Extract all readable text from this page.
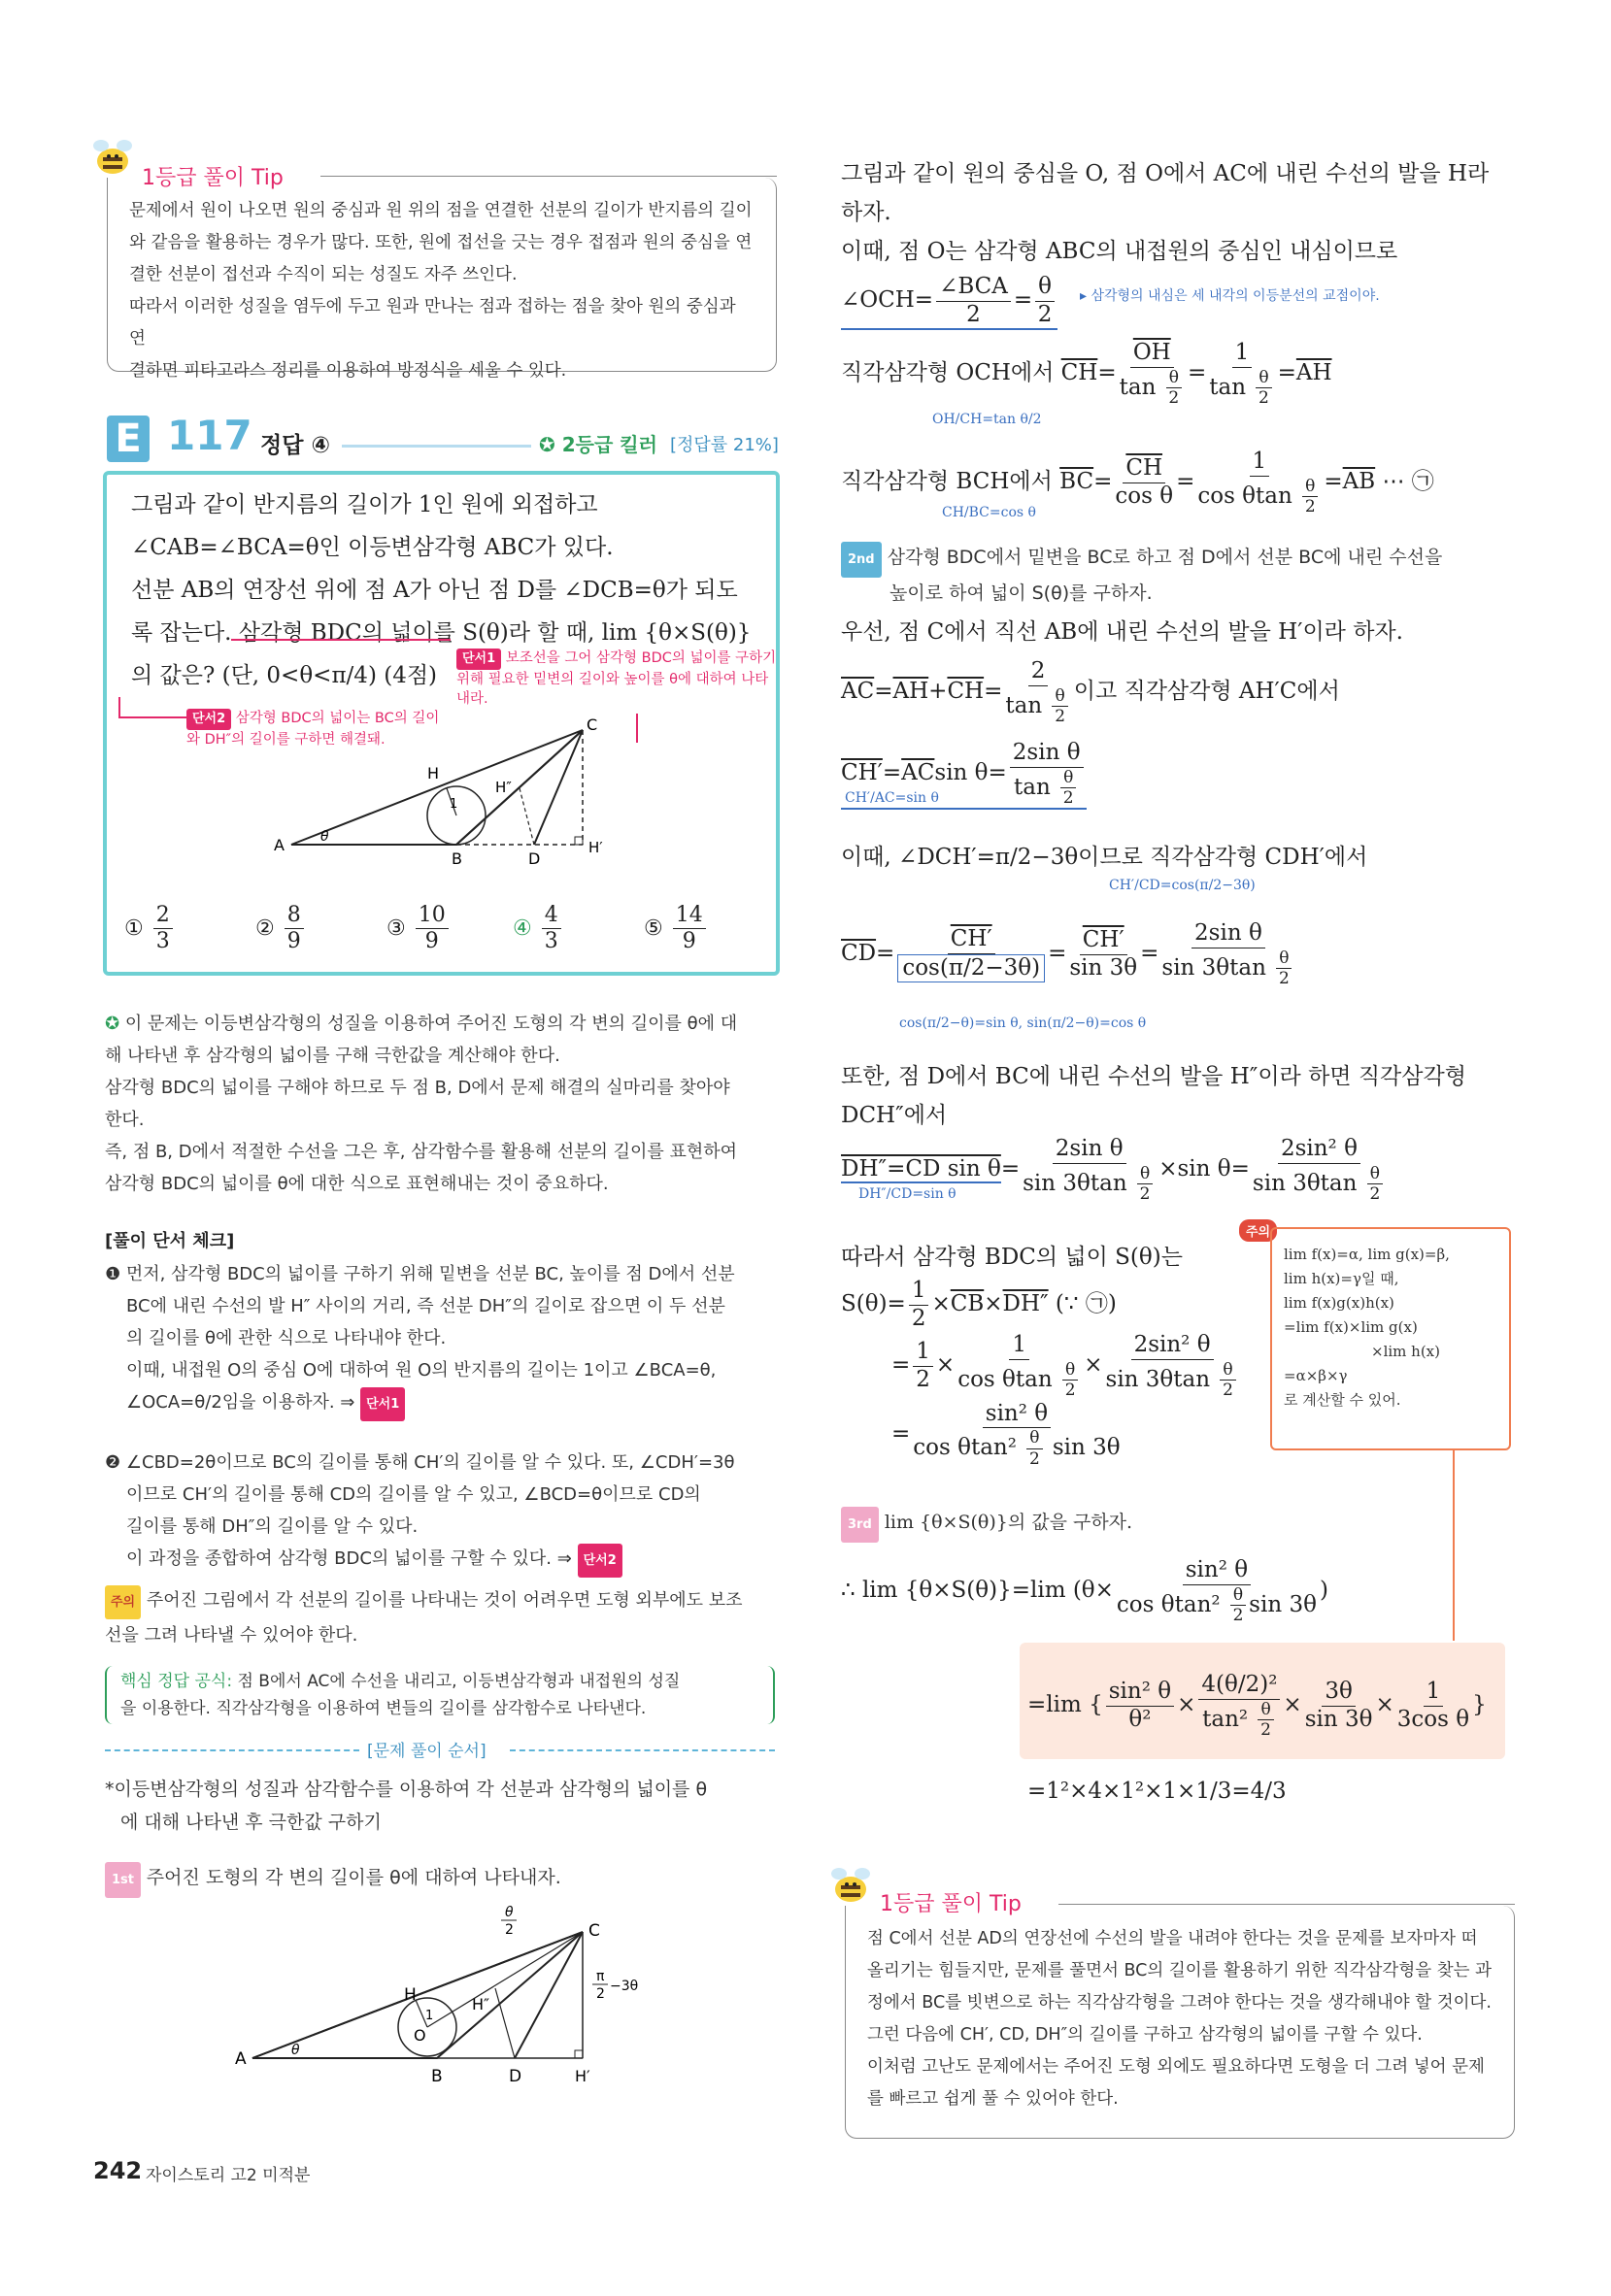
1등급 풀이 Tip
문제에서 원이 나오면 원의 중심과 원 위의 점을 연결한 선분의 길이가 반지름의 길이
와 같음을 활용하는 경우가 많다. 또한, 원에 접선을 긋는 경우 접점과 원의 중심을 연
결한 선분이 접선과 수직이 되는 성질도 자주 쓰인다.
따라서 이러한 성질을 염두에 두고 원과 만나는 점과 접하는 점을 찾아 원의 중심과 연
결하면 피타고라스 정리를 이용하여 방정식을 세울 수 있다.
E 117 정답 ④	✪ 2등급 킬러 [정답률 21%]
그림과 같이 반지름의 길이가 1인 원에 외접하고
∠CAB=∠BCA=θ인 이등변삼각형 ABC가 있다.
선분 AB의 연장선 위에 점 A가 아닌 점 D를 ∠DCB=θ가 되도
록 잡는다. 삼각형 BDC의 넓이를 S(θ)라 할 때, lim {θ×S(θ)}
의 값은? (단, 0<θ<π/4) (4점)
단서1 보조선을 그어 삼각형 BDC의 넓이를 구하기 위해 필요한 밑변의 길이와 높이를 θ에 대하여 나타내라.
단서2 삼각형 BDC의 넓이는 BC의 길이와 DH″의 길이를 구하면 해결돼.
A
B
C
D
H
H″
H′
θ
1
① $\frac{2}{3}$	② $\frac{8}{9}$	③ $\frac{10}{9}$	④ $\frac{4}{3}$	⑤ $\frac{14}{9}$
✪ 이 문제는 이등변삼각형의 성질을 이용하여 주어진 도형의 각 변의 길이를 θ에 대
해 나타낸 후 삼각형의 넓이를 구해 극한값을 계산해야 한다.
삼각형 BDC의 넓이를 구해야 하므로 두 점 B, D에서 문제 해결의 실마리를 찾아야
한다.
즉, 점 B, D에서 적절한 수선을 그은 후, 삼각함수를 활용해 선분의 길이를 표현하여
삼각형 BDC의 넓이를 θ에 대한 식으로 표현해내는 것이 중요하다.
[풀이 단서 체크]
❶ 먼저, 삼각형 BDC의 넓이를 구하기 위해 밑변을 선분 BC, 높이를 점 D에서 선분
BC에 내린 수선의 발 H″ 사이의 거리, 즉 선분 DH″의 길이로 잡으면 이 두 선분
의 길이를 θ에 관한 식으로 나타내야 한다.
이때, 내접원 O의 중심 O에 대하여 원 O의 반지름의 길이는 1이고 ∠BCA=θ,
∠OCA=θ/2임을 이용하자. ⇒ 단서1
❷ ∠CBD=2θ이므로 BC의 길이를 통해 CH′의 길이를 알 수 있다. 또, ∠CDH′=3θ
이므로 CH′의 길이를 통해 CD의 길이를 알 수 있고, ∠BCD=θ이므로 CD의
길이를 통해 DH″의 길이를 알 수 있다.
이 과정을 종합하여 삼각형 BDC의 넓이를 구할 수 있다. ⇒ 단서2
주의 주어진 그림에서 각 선분의 길이를 나타내는 것이 어려우면 도형 외부에도 보조
선을 그려 나타낼 수 있어야 한다.
핵심 정답 공식: 점 B에서 AC에 수선을 내리고, 이등변삼각형과 내접원의 성질
을 이용한다. 직각삼각형을 이용하여 변들의 길이를 삼각함수로 나타낸다.
[문제 풀이 순서]
*이등변삼각형의 성질과 삼각함수를 이용하여 각 선분과 삼각형의 넓이를 θ
에 대해 나타낸 후 극한값 구하기
1st 주어진 도형의 각 변의 길이를 θ에 대하여 나타내자.
A
B
C
D
H
O
H″
H′
1
θ
θ
2
π
2 −3θ
그림과 같이 원의 중심을 O, 점 O에서 AC에 내린 수선의 발을 H라
하자.
이때, 점 O는 삼각형 ABC의 내접원의 중심인 내심이므로
∠OCH= $\frac{\text{∠BCA}}{2} = \frac{\theta}{2}$ ▸ 삼각형의 내심은 세 내각의 이등분선의 교점이야.
직각삼각형 OCH에서 $\overline{CH}= \frac{\overline{OH}}{\tan \frac{\theta}{2}} = \frac{1}{\tan \frac{\theta}{2}} =\overline{AH}$
OH/CH=tan θ/2
직각삼각형 BCH에서 $\overline{BC}= \frac{\overline{CH}}{\text{cos θ}} = \frac{1}{\cos \theta\tan \frac{\theta}{2}} =\overline{AB}$ ⋯ ㉠
CH/BC=cos θ
2nd 삼각형 BDC에서 밑변을 BC로 하고 점 D에서 선분 BC에 내린 수선을
높이로 하여 넓이 S(θ)를 구하자.
우선, 점 C에서 직선 AB에 내린 수선의 발을 H′이라 하자.
$\overline{AC}=\overline{AH}+\overline{CH}= \frac{2}{\tan \frac{\theta}{2}}$ 이고 직각삼각형 AH′C에서
$CH'=\overline{AC}\sin$ $\theta= \frac{\text{2sin θ}}{\tan \frac{\theta}{2}}$
CH′/AC=sin θ
이때, ∠DCH′=π/2−3θ이므로 직각삼각형 CDH′에서
CH′/CD=cos(π/2−3θ)
$\overline{CD}= \frac{CH'}{\cos(\pi/2-3\theta)} = \frac{CH'}{\sin 3\theta} = \frac{\text{2sin θ}}{\sin 3\theta\tan \frac{\theta}{2}}$
cos(π/2−θ)=sin θ, sin(π/2−θ)=cos θ
또한, 점 D에서 BC에 내린 수선의 발을 H″이라 하면 직각삼각형
DCH″에서
DH″=CD $\sin \theta= \frac{\text{2sin θ}}{\sin 3\theta\tan \frac{\theta}{2}} \times\sin$ $\theta= \frac{\text{2sin² θ}}{\sin 3\theta\tan \frac{\theta}{2}}$
DH″/CD=sin θ
따라서 삼각형 BDC의 넓이 S(θ)는
$S(\theta)= \frac{1}{2} \times\overline{CB}\times DH''$ (∵ ㉠)
= $\frac{1}{2} \times \frac{1}{\cos \theta\tan \frac{\theta}{2}} \times \frac{\text{2sin² θ}}{\sin 3\theta\tan \frac{\theta}{2}}$
= $\frac{\text{sin² θ}}{\cos \theta\tan^2 \frac{\theta}{2} \sin 3\theta}$
주의
lim f(x)=α, lim g(x)=β,
lim h(x)=γ일 때,
lim f(x)g(x)h(x)
=lim f(x)×lim g(x)
×lim h(x)
=α×β×γ
로 계산할 수 있어.
3rd lim {θ×S(θ)}의 값을 구하자.
∴ lim {θ×S(θ)}=lim ($\theta\times \frac{\text{sin² θ}}{\cos \theta\tan^2 \frac{\theta}{2} \sin 3\theta}$ )
=lim { $\frac{\text{sin² θ}}{\text{θ²}} \times \frac{\text{4(θ/2)²}}{\tan^2 \frac{\theta}{2}} \times \frac{3\theta}{\sin 3\theta} \times \frac{1}{\text{3cos θ}}$ }
=1²×4×1²×1×1/3=4/3
1등급 풀이 Tip
점 C에서 선분 AD의 연장선에 수선의 발을 내려야 한다는 것을 문제를 보자마자 떠
올리기는 힘들지만, 문제를 풀면서 BC의 길이를 활용하기 위한 직각삼각형을 찾는 과
정에서 BC를 빗변으로 하는 직각삼각형을 그려야 한다는 것을 생각해내야 할 것이다.
그런 다음에 CH′, CD, DH″의 길이를 구하고 삼각형의 넓이를 구할 수 있다.
이처럼 고난도 문제에서는 주어진 도형 외에도 필요하다면 도형을 더 그려 넣어 문제
를 빠르고 쉽게 풀 수 있어야 한다.
242 자이스토리 고2 미적분
